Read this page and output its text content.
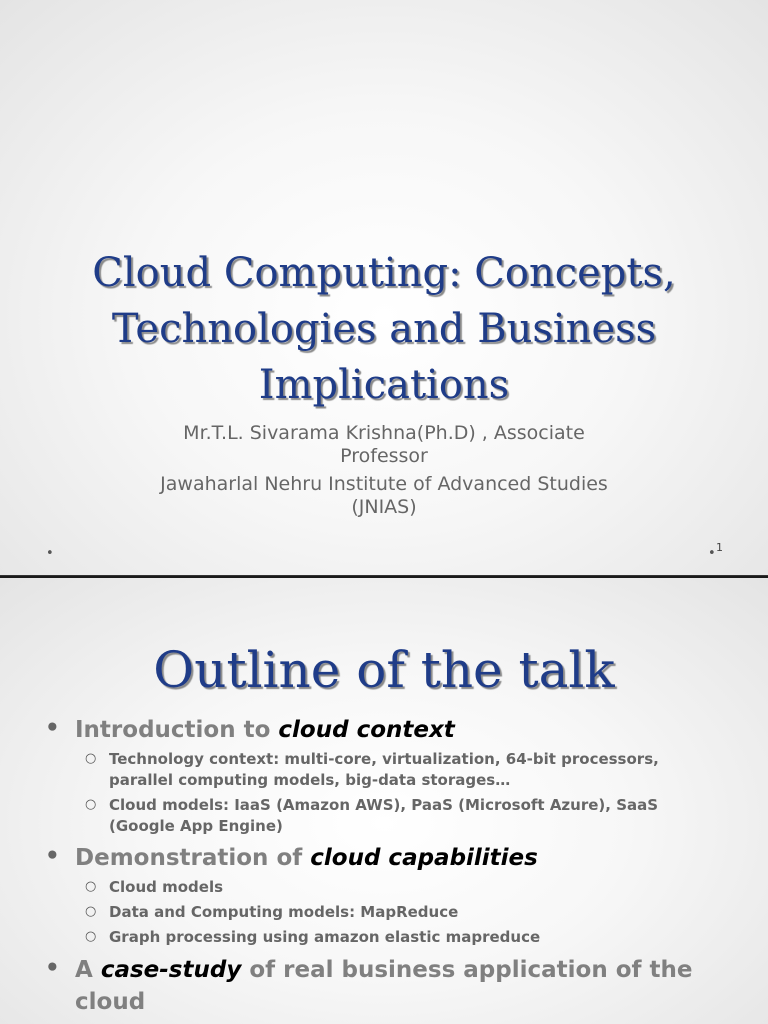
Cloud Computing: Concepts,
Technologies and Business
Implications

Mr.T.L. Sivarama Krishna(Ph.D) , Associate
Professor

Jawaharlal Nehru Institute of Advanced Studies
(JNIAS)

•	• 1
Outline of the talk
• Introduction to cloud context
○ Technology context: multi-core, virtualization, 64-bit processors, parallel computing models, big-data storages…
○ Cloud models: IaaS (Amazon AWS), PaaS (Microsoft Azure), SaaS (Google App Engine)
• Demonstration of cloud capabilities
○ Cloud models
○ Data and Computing models: MapReduce
○ Graph processing using amazon elastic mapreduce
• A case-study of real business application of the cloud
